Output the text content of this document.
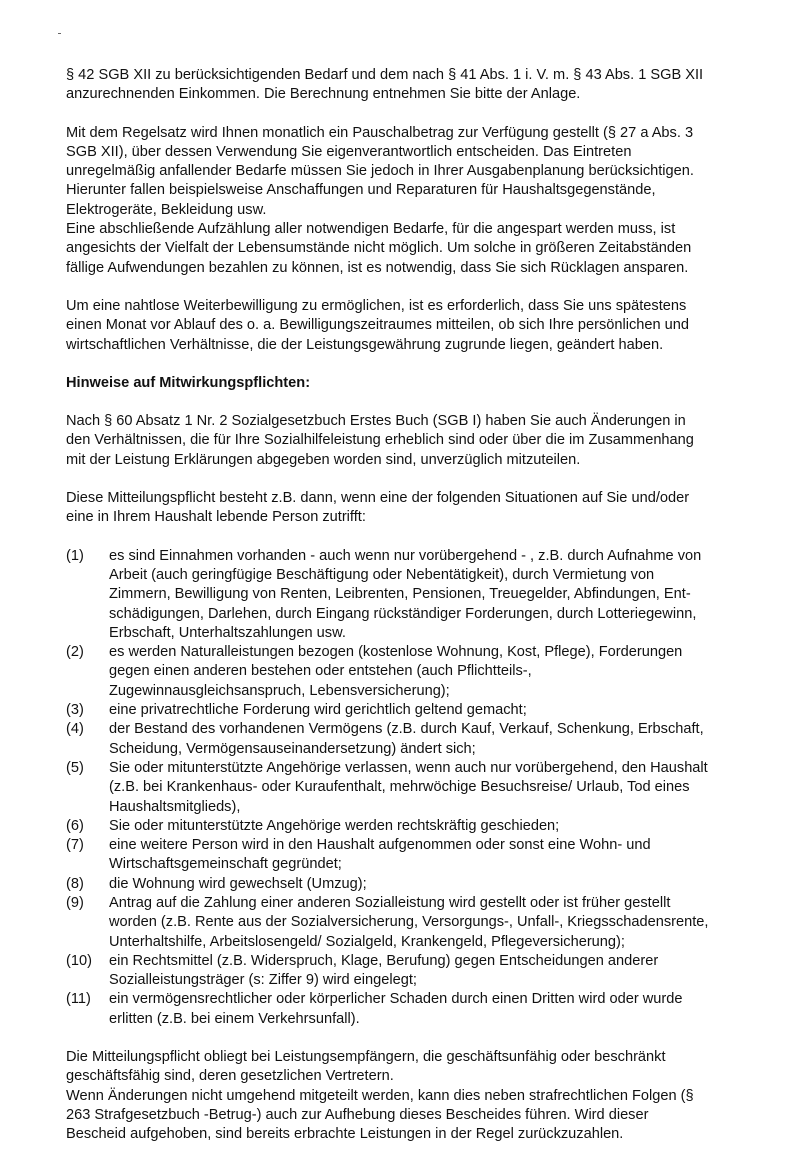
§ 42 SGB XII zu berücksichtigenden Bedarf und dem nach § 41 Abs. 1 i. V. m. § 43 Abs. 1 SGB XII
anzurechnenden Einkommen. Die Berechnung entnehmen Sie bitte der Anlage.
Mit dem Regelsatz wird Ihnen monatlich ein Pauschalbetrag zur Verfügung gestellt (§ 27 a Abs. 3
SGB XII), über dessen Verwendung Sie eigenverantwortlich entscheiden. Das Eintreten
unregelmäßig anfallender Bedarfe müssen Sie jedoch in Ihrer Ausgabenplanung berücksichtigen.
Hierunter fallen beispielsweise Anschaffungen und Reparaturen für Haushaltsgegenstände,
Elektrogeräte, Bekleidung usw.
Eine abschließende Aufzählung aller notwendigen Bedarfe, für die angespart werden muss, ist
angesichts der Vielfalt der Lebensumstände nicht möglich. Um solche in größeren Zeitabständen
fällige Aufwendungen bezahlen zu können, ist es notwendig, dass Sie sich Rücklagen ansparen.
Um eine nahtlose Weiterbewilligung zu ermöglichen, ist es erforderlich, dass Sie uns spätestens
einen Monat vor Ablauf des o. a. Bewilligungszeitraumes mitteilen, ob sich Ihre persönlichen und
wirtschaftlichen Verhältnisse, die der Leistungsgewährung zugrunde liegen, geändert haben.
Hinweise auf Mitwirkungspflichten:
Nach § 60 Absatz 1 Nr. 2 Sozialgesetzbuch Erstes Buch (SGB I) haben Sie auch Änderungen in
den Verhältnissen, die für Ihre Sozialhilfeleistung erheblich sind oder über die im Zusammenhang
mit der Leistung Erklärungen abgegeben worden sind, unverzüglich mitzuteilen.
Diese Mitteilungspflicht besteht z.B. dann, wenn eine der folgenden Situationen auf Sie und/oder
eine in Ihrem Haushalt lebende Person zutrifft:
(1) es sind Einnahmen vorhanden - auch wenn nur vorübergehend - , z.B. durch Aufnahme von
Arbeit (auch geringfügige Beschäftigung oder Nebentätigkeit), durch Vermietung von
Zimmern, Bewilligung von Renten, Leibrenten, Pensionen, Treuegelder, Abfindungen, Ent-
schädigungen, Darlehen, durch Eingang rückständiger Forderungen, durch Lotteriegewinn,
Erbschaft, Unterhaltszahlungen usw.
(2) es werden Naturalleistungen bezogen (kostenlose Wohnung, Kost, Pflege), Forderungen
gegen einen anderen bestehen oder entstehen (auch Pflichtteils-,
Zugewinnausgleichsanspruch, Lebensversicherung);
(3) eine privatrechtliche Forderung wird gerichtlich geltend gemacht;
(4) der Bestand des vorhandenen Vermögens (z.B. durch Kauf, Verkauf, Schenkung, Erbschaft,
Scheidung, Vermögensauseinandersetzung) ändert sich;
(5) Sie oder mitunterstützte Angehörige verlassen, wenn auch nur vorübergehend, den Haushalt
(z.B. bei Krankenhaus- oder Kuraufenthalt, mehrwöchige Besuchsreise/ Urlaub, Tod eines
Haushaltsmitglieds),
(6) Sie oder mitunterstützte Angehörige werden rechtskräftig geschieden;
(7) eine weitere Person wird in den Haushalt aufgenommen oder sonst eine Wohn- und
Wirtschaftsgemeinschaft gegründet;
(8) die Wohnung wird gewechselt (Umzug);
(9) Antrag auf die Zahlung einer anderen Sozialleistung wird gestellt oder ist früher gestellt
worden (z.B. Rente aus der Sozialversicherung, Versorgungs-, Unfall-, Kriegsschadensrente,
Unterhaltshilfe, Arbeitslosengeld/ Sozialgeld, Krankengeld, Pflegeversicherung);
(10) ein Rechtsmittel (z.B. Widerspruch, Klage, Berufung) gegen Entscheidungen anderer
Sozialleistungsträger (s: Ziffer 9) wird eingelegt;
(11) ein vermögensrechtlicher oder körperlicher Schaden durch einen Dritten wird oder wurde
erlitten (z.B. bei einem Verkehrsunfall).
Die Mitteilungspflicht obliegt bei Leistungsempfängern, die geschäftsunfähig oder beschränkt
geschäftsfähig sind, deren gesetzlichen Vertretern.
Wenn Änderungen nicht umgehend mitgeteilt werden, kann dies neben strafrechtlichen Folgen (§
263 Strafgesetzbuch -Betrug-) auch zur Aufhebung dieses Bescheides führen. Wird dieser
Bescheid aufgehoben, sind bereits erbrachte Leistungen in der Regel zurückzuzahlen.
